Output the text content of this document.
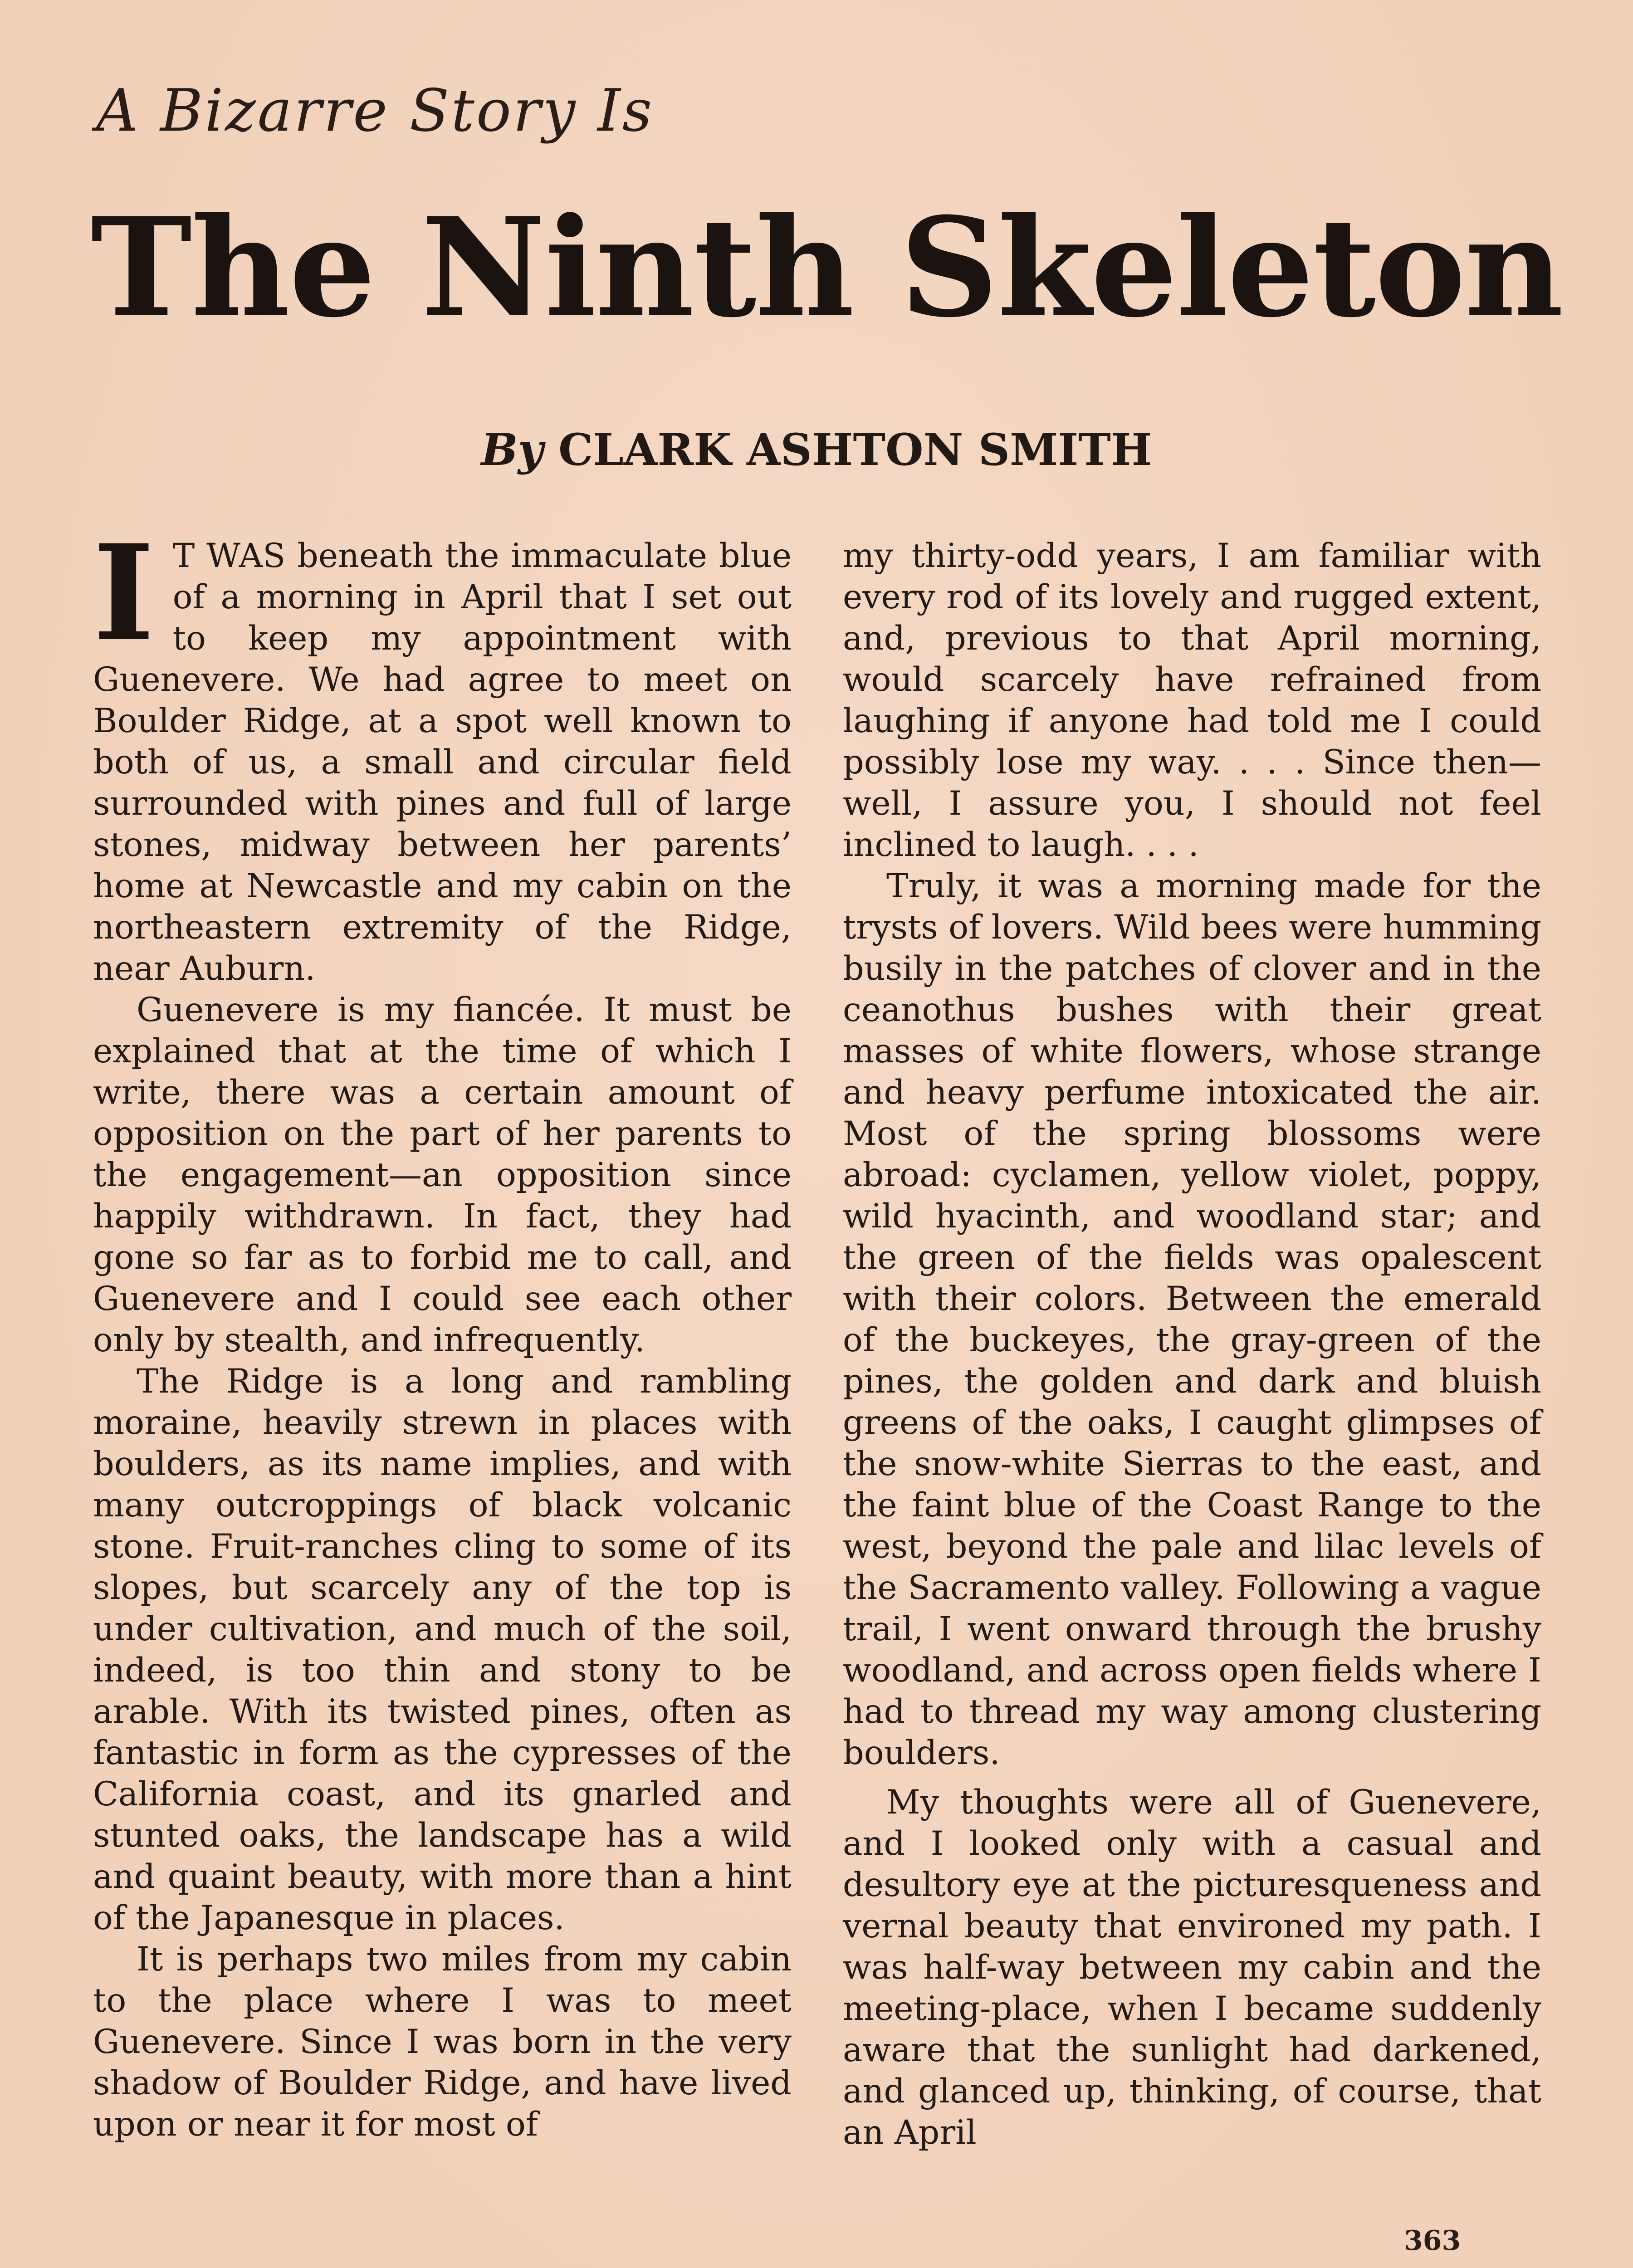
A Bizarre Story Is
The Ninth Skeleton
By CLARK ASHTON SMITH

I T WAS beneath the immaculate blue of a morning in April that I set out to keep my appointment with Guenevere. We had agree to meet on Boulder Ridge, at a spot well known to both of us, a small and circular field surrounded with pines and full of large stones, midway between her parents’ home at Newcastle and my cabin on the northeastern extremity of the Ridge, near Auburn.

Guenevere is my fiancée. It must be explained that at the time of which I write, there was a certain amount of opposition on the part of her parents to the engagement—an opposition since happily withdrawn. In fact, they had gone so far as to forbid me to call, and Guenevere and I could see each other only by stealth, and infrequently.

The Ridge is a long and rambling moraine, heavily strewn in places with boulders, as its name implies, and with many outcroppings of black volcanic stone. Fruit-ranches cling to some of its slopes, but scarcely any of the top is under cultivation, and much of the soil, indeed, is too thin and stony to be arable. With its twisted pines, often as fantastic in form as the cypresses of the California coast, and its gnarled and stunted oaks, the landscape has a wild and quaint beauty, with more than a hint of the Japanesque in places.

It is perhaps two miles from my cabin to the place where I was to meet Guenevere. Since I was born in the very shadow of Boulder Ridge, and have lived upon or near it for most of

my thirty-odd years, I am familiar with every rod of its lovely and rugged extent, and, previous to that April morning, would scarcely have refrained from laughing if anyone had told me I could possibly lose my way. . . . Since then—well, I assure you, I should not feel inclined to laugh. . . .

Truly, it was a morning made for the trysts of lovers. Wild bees were humming busily in the patches of clover and in the ceanothus bushes with their great masses of white flowers, whose strange and heavy perfume intoxicated the air. Most of the spring blossoms were abroad: cyclamen, yellow violet, poppy, wild hyacinth, and woodland star; and the green of the fields was opalescent with their colors. Between the emerald of the buckeyes, the gray-green of the pines, the golden and dark and bluish greens of the oaks, I caught glimpses of the snow-white Sierras to the east, and the faint blue of the Coast Range to the west, beyond the pale and lilac levels of the Sacramento valley. Following a vague trail, I went onward through the brushy woodland, and across open fields where I had to thread my way among clustering boulders.

My thoughts were all of Guenevere, and I looked only with a casual and desultory eye at the picturesqueness and vernal beauty that environed my path. I was half-way between my cabin and the meeting-place, when I became suddenly aware that the sunlight had darkened, and glanced up, thinking, of course, that an April

363
